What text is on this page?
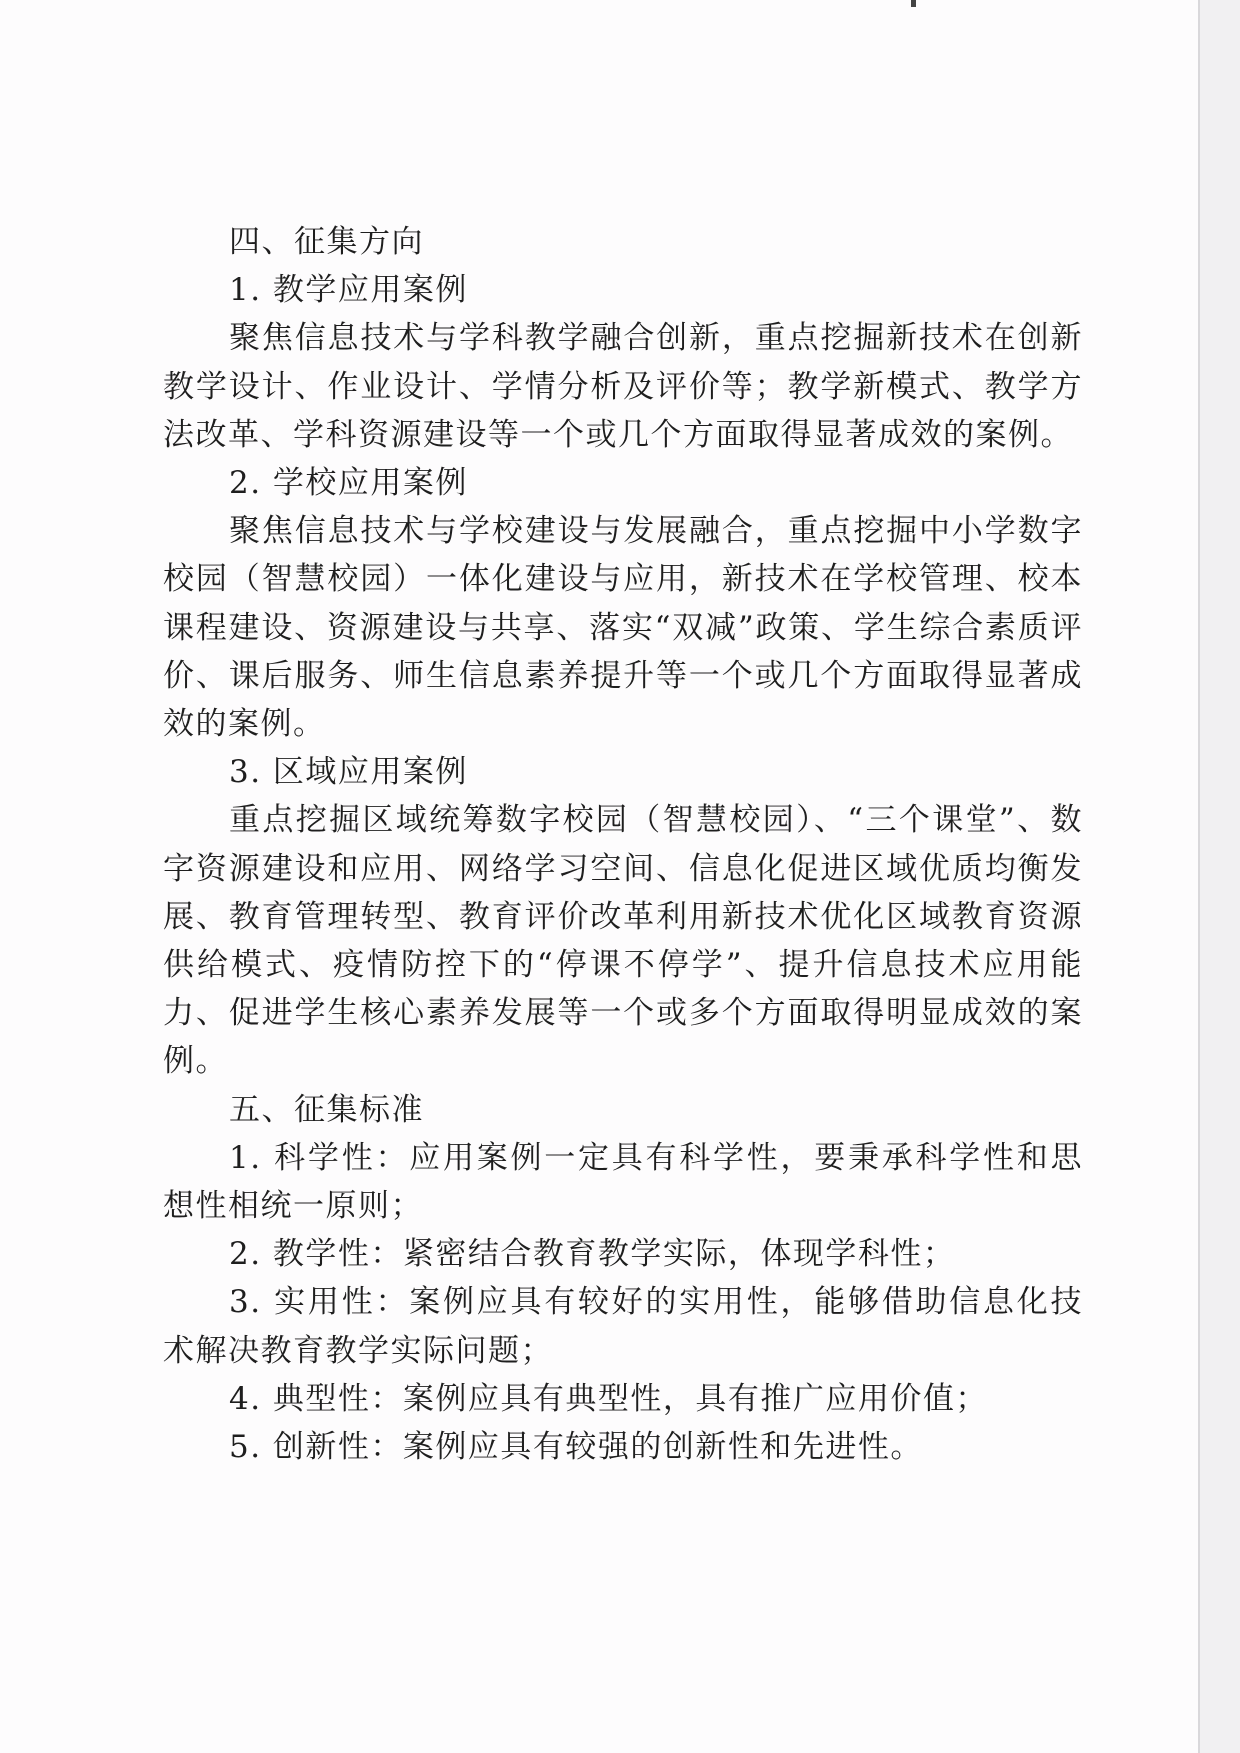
四、征集方向

1. 教学应用案例

聚焦信息技术与学科教学融合创新，重点挖掘新技术在创新教学设计、作业设计、学情分析及评价等；教学新模式、教学方法改革、学科资源建设等一个或几个方面取得显著成效的案例。

2. 学校应用案例

聚焦信息技术与学校建设与发展融合，重点挖掘中小学数字校园（智慧校园）一体化建设与应用，新技术在学校管理、校本课程建设、资源建设与共享、落实“双减”政策、学生综合素质评价、课后服务、师生信息素养提升等一个或几个方面取得显著成效的案例。

3. 区域应用案例

重点挖掘区域统筹数字校园（智慧校园）、“三个课堂”、数字资源建设和应用、网络学习空间、信息化促进区域优质均衡发展、教育管理转型、教育评价改革利用新技术优化区域教育资源供给模式、疫情防控下的“停课不停学”、提升信息技术应用能力、促进学生核心素养发展等一个或多个方面取得明显成效的案例。

五、征集标准

1. 科学性：应用案例一定具有科学性，要秉承科学性和思想性相统一原则；

2. 教学性：紧密结合教育教学实际，体现学科性；

3. 实用性：案例应具有较好的实用性，能够借助信息化技术解决教育教学实际问题；

4. 典型性：案例应具有典型性，具有推广应用价值；

5. 创新性：案例应具有较强的创新性和先进性。
